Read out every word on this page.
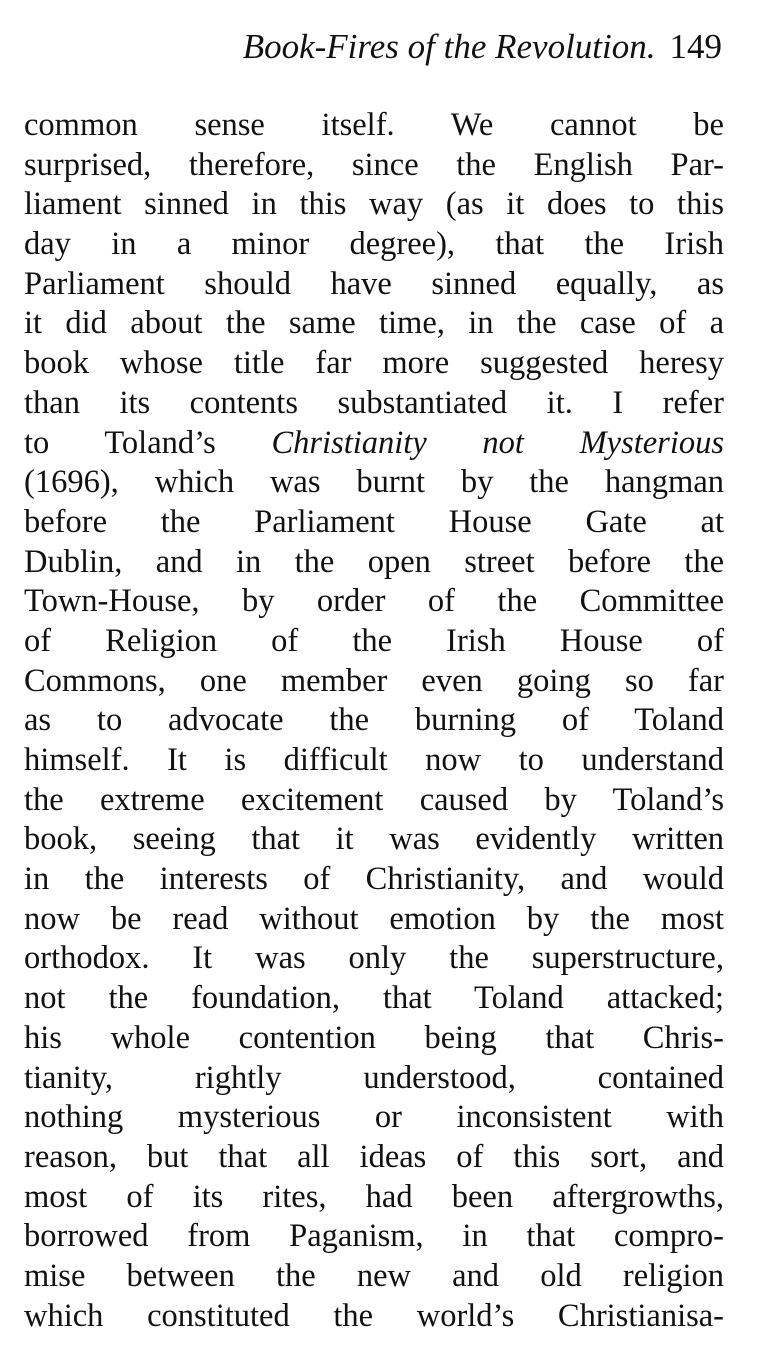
Book-Fires of the Revolution. 149
common sense itself. We cannot be
surprised, therefore, since the English Par-
liament sinned in this way (as it does to this
day in a minor degree), that the Irish
Parliament should have sinned equally, as
it did about the same time, in the case of a
book whose title far more suggested heresy
than its contents substantiated it. I refer
to Toland’s Christianity not Mysterious
(1696), which was burnt by the hangman
before the Parliament House Gate at
Dublin, and in the open street before the
Town-House, by order of the Committee
of Religion of the Irish House of
Commons, one member even going so far
as to advocate the burning of Toland
himself. It is difficult now to understand
the extreme excitement caused by Toland’s
book, seeing that it was evidently written
in the interests of Christianity, and would
now be read without emotion by the most
orthodox. It was only the superstructure,
not the foundation, that Toland attacked;
his whole contention being that Chris-
tianity, rightly understood, contained
nothing mysterious or inconsistent with
reason, but that all ideas of this sort, and
most of its rites, had been aftergrowths,
borrowed from Paganism, in that compro-
mise between the new and old religion
which constituted the world’s Christianisa-
